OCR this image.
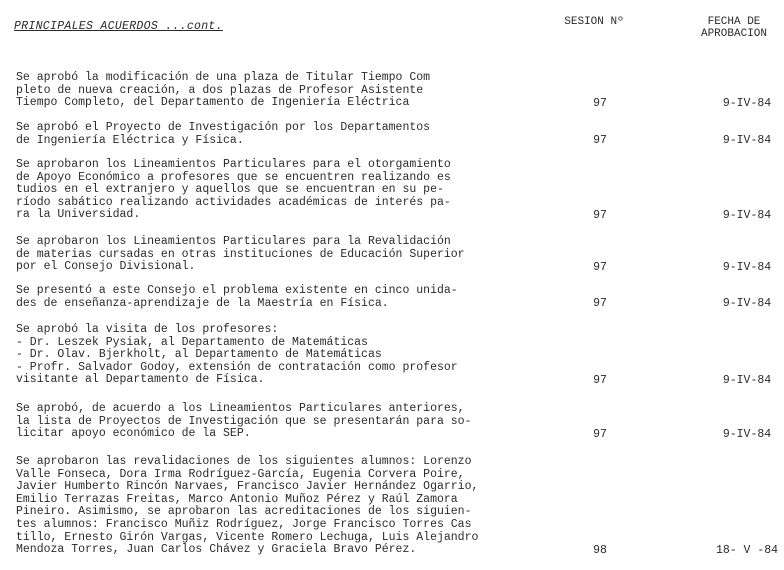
PRINCIPALES ACUERDOS ...cont.	SESION Nº	FECHA DE
APROBACION
Se aprobó la modificación de una plaza de Titular Tiempo Com
pleto de nueva creación, a dos plazas de Profesor Asistente
Tiempo Completo, del Departamento de Ingeniería Eléctrica	97	9-IV-84
Se aprobó el Proyecto de Investigación por los Departamentos
de Ingeniería Eléctrica y Física.	97	9-IV-84
Se aprobaron los Lineamientos Particulares para el otorgamiento
de Apoyo Económico a profesores que se encuentren realizando es
tudios en el extranjero y aquellos que se encuentran en su pe-
ríodo sabático realizando actividades académicas de interés pa-
ra la Universidad.	97	9-IV-84
Se aprobaron los Lineamientos Particulares para la Revalidación
de materias cursadas en otras instituciones de Educación Superior
por el Consejo Divisional.	97	9-IV-84
Se presentó a este Consejo el problema existente en cinco unida-
des de enseñanza-aprendizaje de la Maestría en Física.	97	9-IV-84
Se aprobó la visita de los profesores:
- Dr. Leszek Pysiak, al Departamento de Matemáticas
- Dr. Olav. Bjerkholt, al Departamento de Matemáticas
- Profr. Salvador Godoy, extensión de contratación como profesor
visitante al Departamento de Física.	97	9-IV-84
Se aprobó, de acuerdo a los Lineamientos Particulares anteriores,
la lista de Proyectos de Investigación que se presentarán para so-
licitar apoyo económico de la SEP.	97	9-IV-84
Se aprobaron las revalidaciones de los siguientes alumnos: Lorenzo
Valle Fonseca, Dora Irma Rodríguez-García, Eugenia Corvera Poire,
Javier Humberto Rincón Narvaes, Francisco Javier Hernández Ogarrio,
Emilio Terrazas Freitas, Marco Antonio Muñoz Pérez y Raúl Zamora
Pineiro. Asimismo, se aprobaron las acreditaciones de los siguien-
tes alumnos: Francisco Muñiz Rodríguez, Jorge Francisco Torres Cas
tillo, Ernesto Girón Vargas, Vicente Romero Lechuga, Luis Alejandro
Mendoza Torres, Juan Carlos Chávez y Graciela Bravo Pérez.	98	18- V -84
